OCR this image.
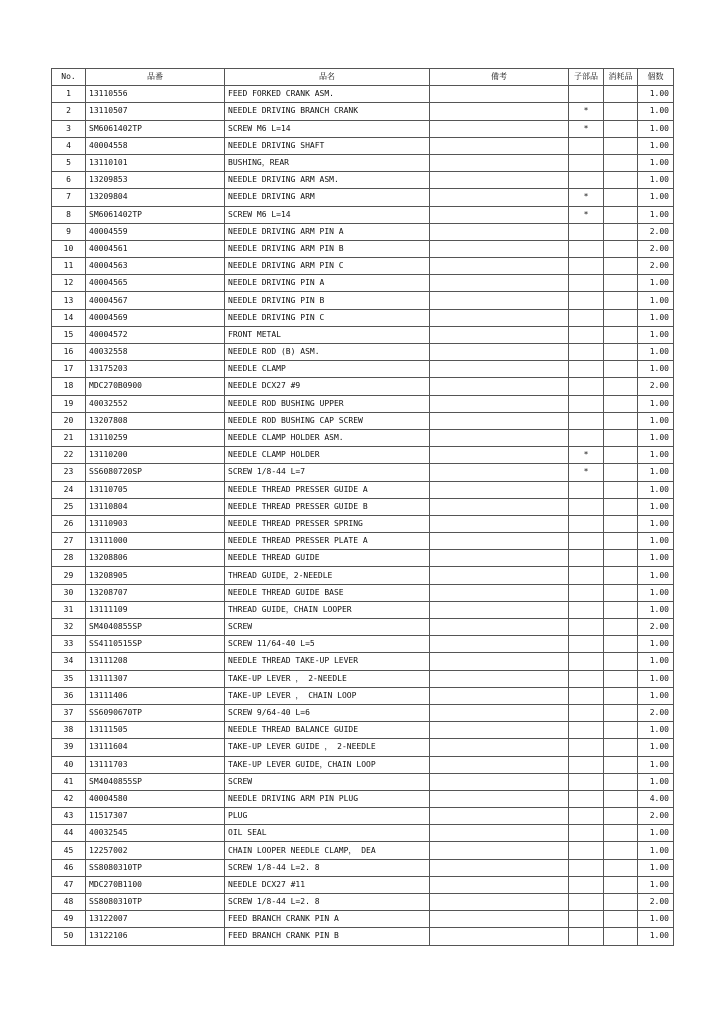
No.	品番	品名	備考	子部品	消耗品	個数
1	13110556	FEED FORKED CRANK ASM.				1.00
2	13110507	NEEDLE DRIVING BRANCH CRANK		*		1.00
3	SM6061402TP	SCREW M6 L=14		*		1.00
4	40004558	NEEDLE DRIVING SHAFT				1.00
5	13110101	BUSHING，REAR				1.00
6	13209853	NEEDLE DRIVING ARM ASM.				1.00
7	13209804	NEEDLE DRIVING ARM		*		1.00
8	SM6061402TP	SCREW M6 L=14		*		1.00
9	40004559	NEEDLE DRIVING ARM PIN A				2.00
10	40004561	NEEDLE DRIVING ARM PIN B				2.00
11	40004563	NEEDLE DRIVING ARM PIN C				2.00
12	40004565	NEEDLE DRIVING PIN A				1.00
13	40004567	NEEDLE DRIVING PIN B				1.00
14	40004569	NEEDLE DRIVING PIN C				1.00
15	40004572	FRONT METAL				1.00
16	40032558	NEEDLE ROD (B) ASM.				1.00
17	13175203	NEEDLE CLAMP				1.00
18	MDC270B0900	NEEDLE DCX27 #9				2.00
19	40032552	NEEDLE ROD BUSHING UPPER				1.00
20	13207808	NEEDLE ROD BUSHING CAP SCREW				1.00
21	13110259	NEEDLE CLAMP HOLDER ASM.				1.00
22	13110200	NEEDLE CLAMP HOLDER		*		1.00
23	SS6080720SP	SCREW 1/8-44 L=7		*		1.00
24	13110705	NEEDLE THREAD PRESSER GUIDE A				1.00
25	13110804	NEEDLE THREAD PRESSER GUIDE B				1.00
26	13110903	NEEDLE THREAD PRESSER SPRING				1.00
27	13111000	NEEDLE THREAD PRESSER PLATE A				1.00
28	13208806	NEEDLE THREAD GUIDE				1.00
29	13208905	THREAD GUIDE，2-NEEDLE				1.00
30	13208707	NEEDLE THREAD GUIDE BASE				1.00
31	13111109	THREAD GUIDE，CHAIN LOOPER				1.00
32	SM4040855SP	SCREW				2.00
33	SS4110515SP	SCREW 11/64-40 L=5				1.00
34	13111208	NEEDLE THREAD TAKE-UP LEVER				1.00
35	13111307	TAKE-UP LEVER ， 2-NEEDLE				1.00
36	13111406	TAKE-UP LEVER ， CHAIN LOOP				1.00
37	SS6090670TP	SCREW 9/64-40 L=6				2.00
38	13111505	NEEDLE THREAD BALANCE GUIDE				1.00
39	13111604	TAKE-UP LEVER GUIDE ， 2-NEEDLE				1.00
40	13111703	TAKE-UP LEVER GUIDE，CHAIN LOOP				1.00
41	SM4040855SP	SCREW				1.00
42	40004580	NEEDLE DRIVING ARM PIN PLUG				4.00
43	11517307	PLUG				2.00
44	40032545	OIL SEAL				1.00
45	12257002	CHAIN LOOPER NEEDLE CLAMP， DEA				1.00
46	SS8080310TP	SCREW 1/8-44 L=2. 8				1.00
47	MDC270B1100	NEEDLE DCX27 #11				1.00
48	SS8080310TP	SCREW 1/8-44 L=2. 8				2.00
49	13122007	FEED BRANCH CRANK PIN A				1.00
50	13122106	FEED BRANCH CRANK PIN B				1.00
